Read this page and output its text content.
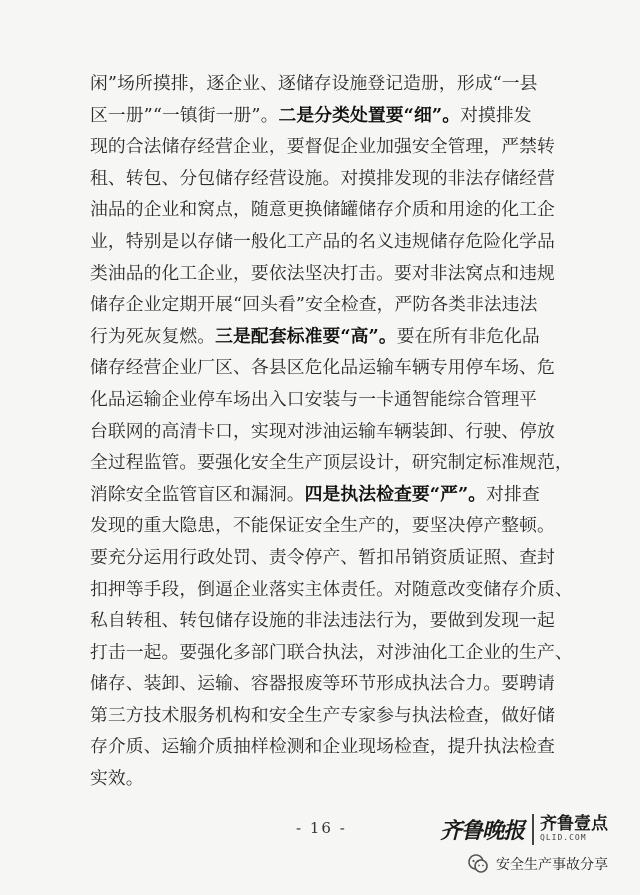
闲”场所摸排，逐企业、逐储存设施登记造册，形成“一县
区一册”“一镇街一册”。二是分类处置要“细”。对摸排发
现的合法储存经营企业，要督促企业加强安全管理，严禁转
租、转包、分包储存经营设施。对摸排发现的非法存储经营
油品的企业和窝点，随意更换储罐储存介质和用途的化工企
业，特别是以存储一般化工产品的名义违规储存危险化学品
类油品的化工企业，要依法坚决打击。要对非法窝点和违规
储存企业定期开展“回头看”安全检查，严防各类非法违法
行为死灰复燃。三是配套标准要“高”。要在所有非危化品
储存经营企业厂区、各县区危化品运输车辆专用停车场、危
化品运输企业停车场出入口安装与一卡通智能综合管理平
台联网的高清卡口，实现对涉油运输车辆装卸、行驶、停放
全过程监管。要强化安全生产顶层设计，研究制定标准规范，
消除安全监管盲区和漏洞。四是执法检查要“严”。对排查
发现的重大隐患，不能保证安全生产的，要坚决停产整顿。
要充分运用行政处罚、责令停产、暂扣吊销资质证照、查封
扣押等手段，倒逼企业落实主体责任。对随意改变储存介质、
私自转租、转包储存设施的非法违法行为，要做到发现一起
打击一起。要强化多部门联合执法，对涉油化工企业的生产、
储存、装卸、运输、容器报废等环节形成执法合力。要聘请
第三方技术服务机构和安全生产专家参与执法检查，做好储
存介质、运输介质抽样检测和企业现场检查，提升执法检查
实效。
- 16 -	齐鲁晚报 齐鲁壹点
QLID.COM
安全生产事故分享
